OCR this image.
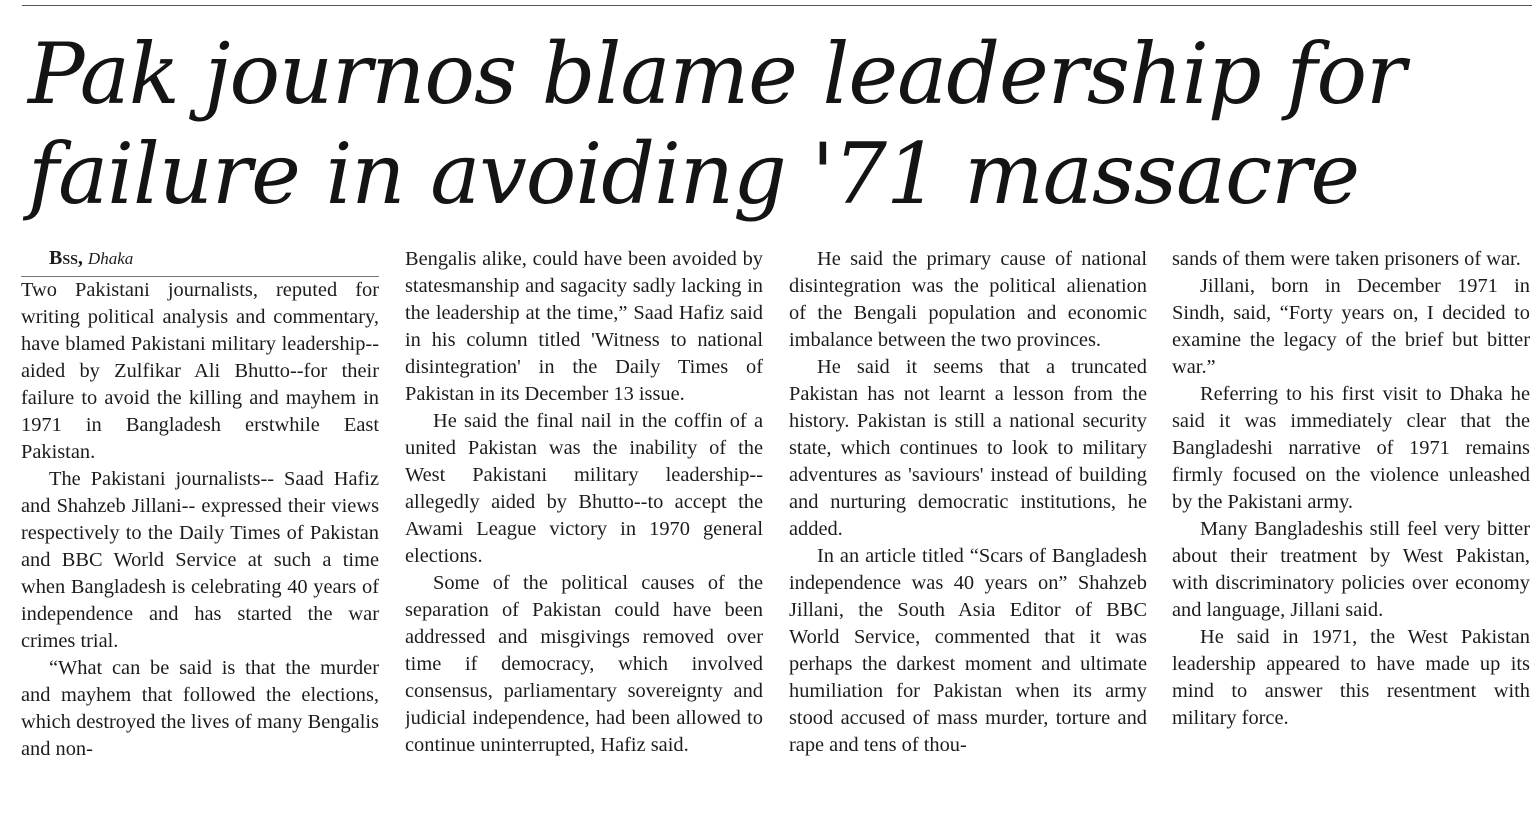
Pak journos blame leadership for
failure in avoiding '71 massacre

Bss, Dhaka

Two Pakistani journalists, reputed for writing political analysis and commentary, have blamed Pakistani military leadership--aided by Zulfikar Ali Bhutto--for their failure to avoid the killing and mayhem in 1971 in Bangladesh erstwhile East Pakistan.

The Pakistani journalists-- Saad Hafiz and Shahzeb Jillani-- expressed their views respectively to the Daily Times of Pakistan and BBC World Service at such a time when Bangladesh is celebrating 40 years of independence and has started the war crimes trial.

“What can be said is that the murder and mayhem that followed the elections, which destroyed the lives of many Bengalis and non-

Bengalis alike, could have been avoided by statesmanship and sagacity sadly lacking in the leadership at the time,” Saad Hafiz said in his column titled 'Witness to national disintegration' in the Daily Times of Pakistan in its December 13 issue.

He said the final nail in the coffin of a united Pakistan was the inability of the West Pakistani military leadership--allegedly aided by Bhutto--to accept the Awami League victory in 1970 general elections.

Some of the political causes of the separation of Pakistan could have been addressed and misgivings removed over time if democracy, which involved consensus, parliamentary sovereignty and judicial independence, had been allowed to continue uninterrupted, Hafiz said.

He said the primary cause of national disintegration was the political alienation of the Bengali population and economic imbalance between the two provinces.

He said it seems that a truncated Pakistan has not learnt a lesson from the history. Pakistan is still a national security state, which continues to look to military adventures as 'saviours' instead of building and nurturing democratic institutions, he added.

In an article titled “Scars of Bangladesh independence was 40 years on” Shahzeb Jillani, the South Asia Editor of BBC World Service, commented that it was perhaps the darkest moment and ultimate humiliation for Pakistan when its army stood accused of mass murder, torture and rape and tens of thou-

sands of them were taken prisoners of war.

Jillani, born in December 1971 in Sindh, said, “Forty years on, I decided to examine the legacy of the brief but bitter war.”

Referring to his first visit to Dhaka he said it was immediately clear that the Bangladeshi narrative of 1971 remains firmly focused on the violence unleashed by the Pakistani army.

Many Bangladeshis still feel very bitter about their treatment by West Pakistan, with discriminatory policies over economy and language, Jillani said.

He said in 1971, the West Pakistan leadership appeared to have made up its mind to answer this resentment with military force.
